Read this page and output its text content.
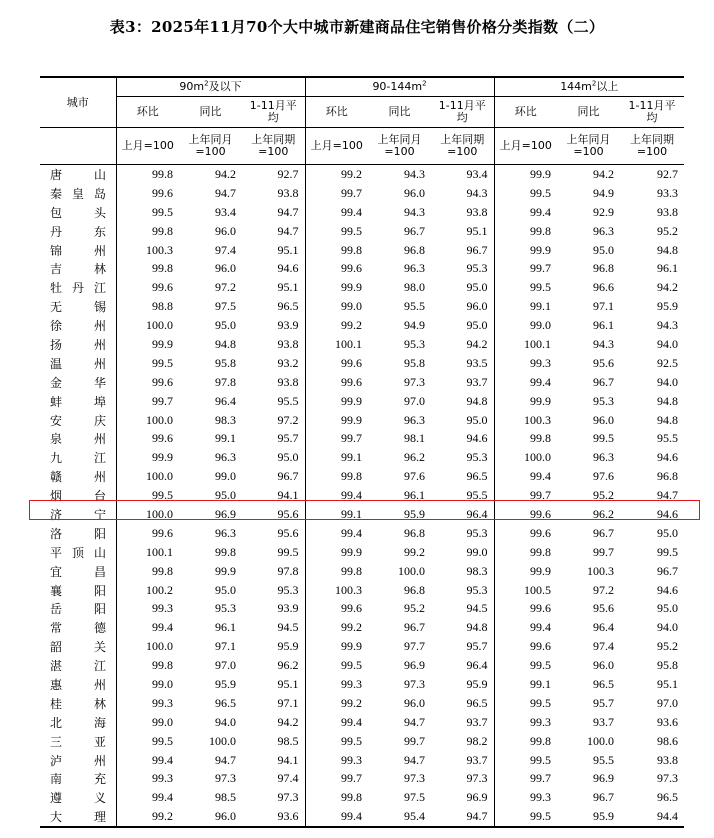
表3：2025年11月70个大中城市新建商品住宅销售价格分类指数（二）
城市	$90m^2$及以下			$90-144m^2$			$144m^2$以上		
	环比	同比	1-11月平均	环比	同比	1-11月平均	环比	同比	1-11月平均
	上月=100	上年同月=100	上年同期=100	上月=100	上年同月=100	上年同期=100	上月=100	上年同月=100	上年同期=100

唐 山	99.8	94.2	92.7	99.2	94.3	93.4	99.9	94.2	92.7

秦 皇 岛	99.6	94.7	93.8	99.7	96.0	94.3	99.5	94.9	93.3

包 头	99.5	93.4	94.7	99.4	94.3	93.8	99.4	92.9	93.8

丹 东	99.8	96.0	94.7	99.5	96.7	95.1	99.8	96.3	95.2

锦 州	100.3	97.4	95.1	99.8	96.8	96.7	99.9	95.0	94.8

吉 林	99.8	96.0	94.6	99.6	96.3	95.3	99.7	96.8	96.1

牡 丹 江	99.6	97.2	95.1	99.9	98.0	95.0	99.5	96.6	94.2

无 锡	98.8	97.5	96.5	99.0	95.5	96.0	99.1	97.1	95.9

徐 州	100.0	95.0	93.9	99.2	94.9	95.0	99.0	96.1	94.3

扬 州	99.9	94.8	93.8	100.1	95.3	94.2	100.1	94.3	94.0

温 州	99.5	95.8	93.2	99.6	95.8	93.5	99.3	95.6	92.5

金 华	99.6	97.8	93.8	99.6	97.3	93.7	99.4	96.7	94.0

蚌 埠	99.7	96.4	95.5	99.9	97.0	94.8	99.9	95.3	94.8

安 庆	100.0	98.3	97.2	99.9	96.3	95.0	100.3	96.0	94.8

泉 州	99.6	99.1	95.7	99.7	98.1	94.6	99.8	99.5	95.5

九 江	99.9	96.3	95.0	99.1	96.2	95.3	100.0	96.3	94.6

赣 州	100.0	99.0	96.7	99.8	97.6	96.5	99.4	97.6	96.8

烟 台	99.5	95.0	94.1	99.4	96.1	95.5	99.7	95.2	94.7

济 宁	100.0	96.9	95.6	99.1	95.9	96.4	99.6	96.2	94.6

洛 阳	99.6	96.3	95.6	99.4	96.8	95.3	99.6	96.7	95.0

平 顶 山	100.1	99.8	99.5	99.9	99.2	99.0	99.8	99.7	99.5

宜 昌	99.8	99.9	97.8	99.8	100.0	98.3	99.9	100.3	96.7

襄 阳	100.2	95.0	95.3	100.3	96.8	95.3	100.5	97.2	94.6

岳 阳	99.3	95.3	93.9	99.6	95.2	94.5	99.6	95.6	95.0

常 德	99.4	96.1	94.5	99.2	96.7	94.8	99.4	96.4	94.0

韶 关	100.0	97.1	95.9	99.9	97.7	95.7	99.6	97.4	95.2

湛 江	99.8	97.0	96.2	99.5	96.9	96.4	99.5	96.0	95.8

惠 州	99.0	95.9	95.1	99.3	97.3	95.9	99.1	96.5	95.1

桂 林	99.3	96.5	97.1	99.2	96.0	96.5	99.5	95.7	97.0

北 海	99.0	94.0	94.2	99.4	94.7	93.7	99.3	93.7	93.6

三 亚	99.5	100.0	98.5	99.5	99.7	98.2	99.8	100.0	98.6

泸 州	99.4	94.7	94.1	99.3	94.7	93.7	99.5	95.5	93.8

南 充	99.3	97.3	97.4	99.7	97.3	97.3	99.7	96.9	97.3

遵 义	99.4	98.5	97.3	99.8	97.5	96.9	99.3	96.7	96.5

大 理	99.2	96.0	93.6	99.4	95.4	94.7	99.5	95.9	94.4
